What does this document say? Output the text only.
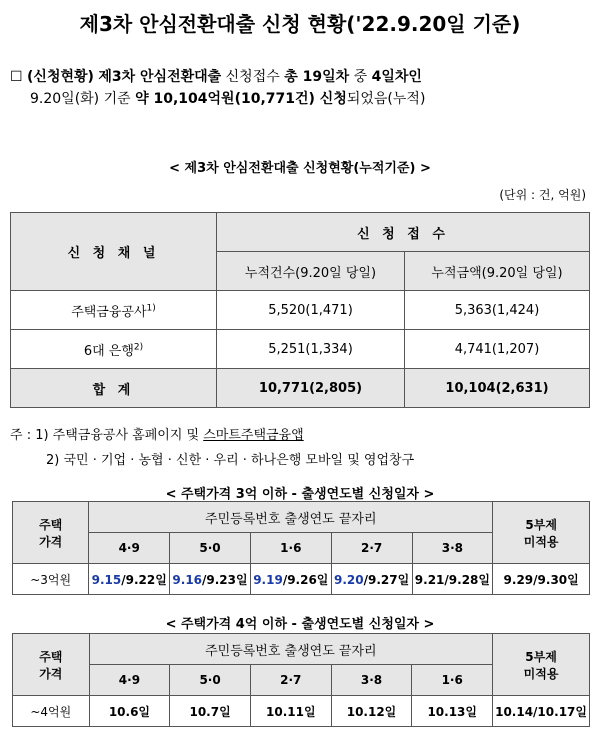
제3차 안심전환대출 신청 현황('22.9.20일 기준)
☐ (신청현황) 제3차 안심전환대출 신청접수 총 19일차 중 4일차인
9.20일(화) 기준 약 10,104억원(10,771건) 신청되었음(누적)
< 제3차 안심전환대출 신청현황(누적기준) >
(단위 : 건, 억원)
신 청 채 널	신 청 접 수	
	누적건수(9.20일 당일)	누적금액(9.20일 당일)
주택금융공사$^{1)}$	5,520(1,471)	5,363(1,424)
6대 은행$^{2)}$	5,251(1,334)	4,741(1,207)
합 계	10,771(2,805)	10,104(2,631)
주 : 1) 주택금융공사 홈페이지 및 스마트주택금융앱
2) 국민 · 기업 · 농협 · 신한 · 우리 · 하나은행 모바일 및 영업창구
< 주택가격 3억 이하 - 출생연도별 신청일자 >
주택
가격	주민등록번호 출생연도 끝자리					5부제
미적용
	4·9	5·0	1·6	2·7	3·8	
~3억원	9.15/9.22일	9.16/9.23일	9.19/9.26일	9.20/9.27일	9.21/9.28일	9.29/9.30일
< 주택가격 4억 이하 - 출생연도별 신청일자 >
주택
가격	주민등록번호 출생연도 끝자리					5부제
미적용
	4·9	5·0	2·7	3·8	1·6	
~4억원	10.6일	10.7일	10.11일	10.12일	10.13일	10.14/10.17일
